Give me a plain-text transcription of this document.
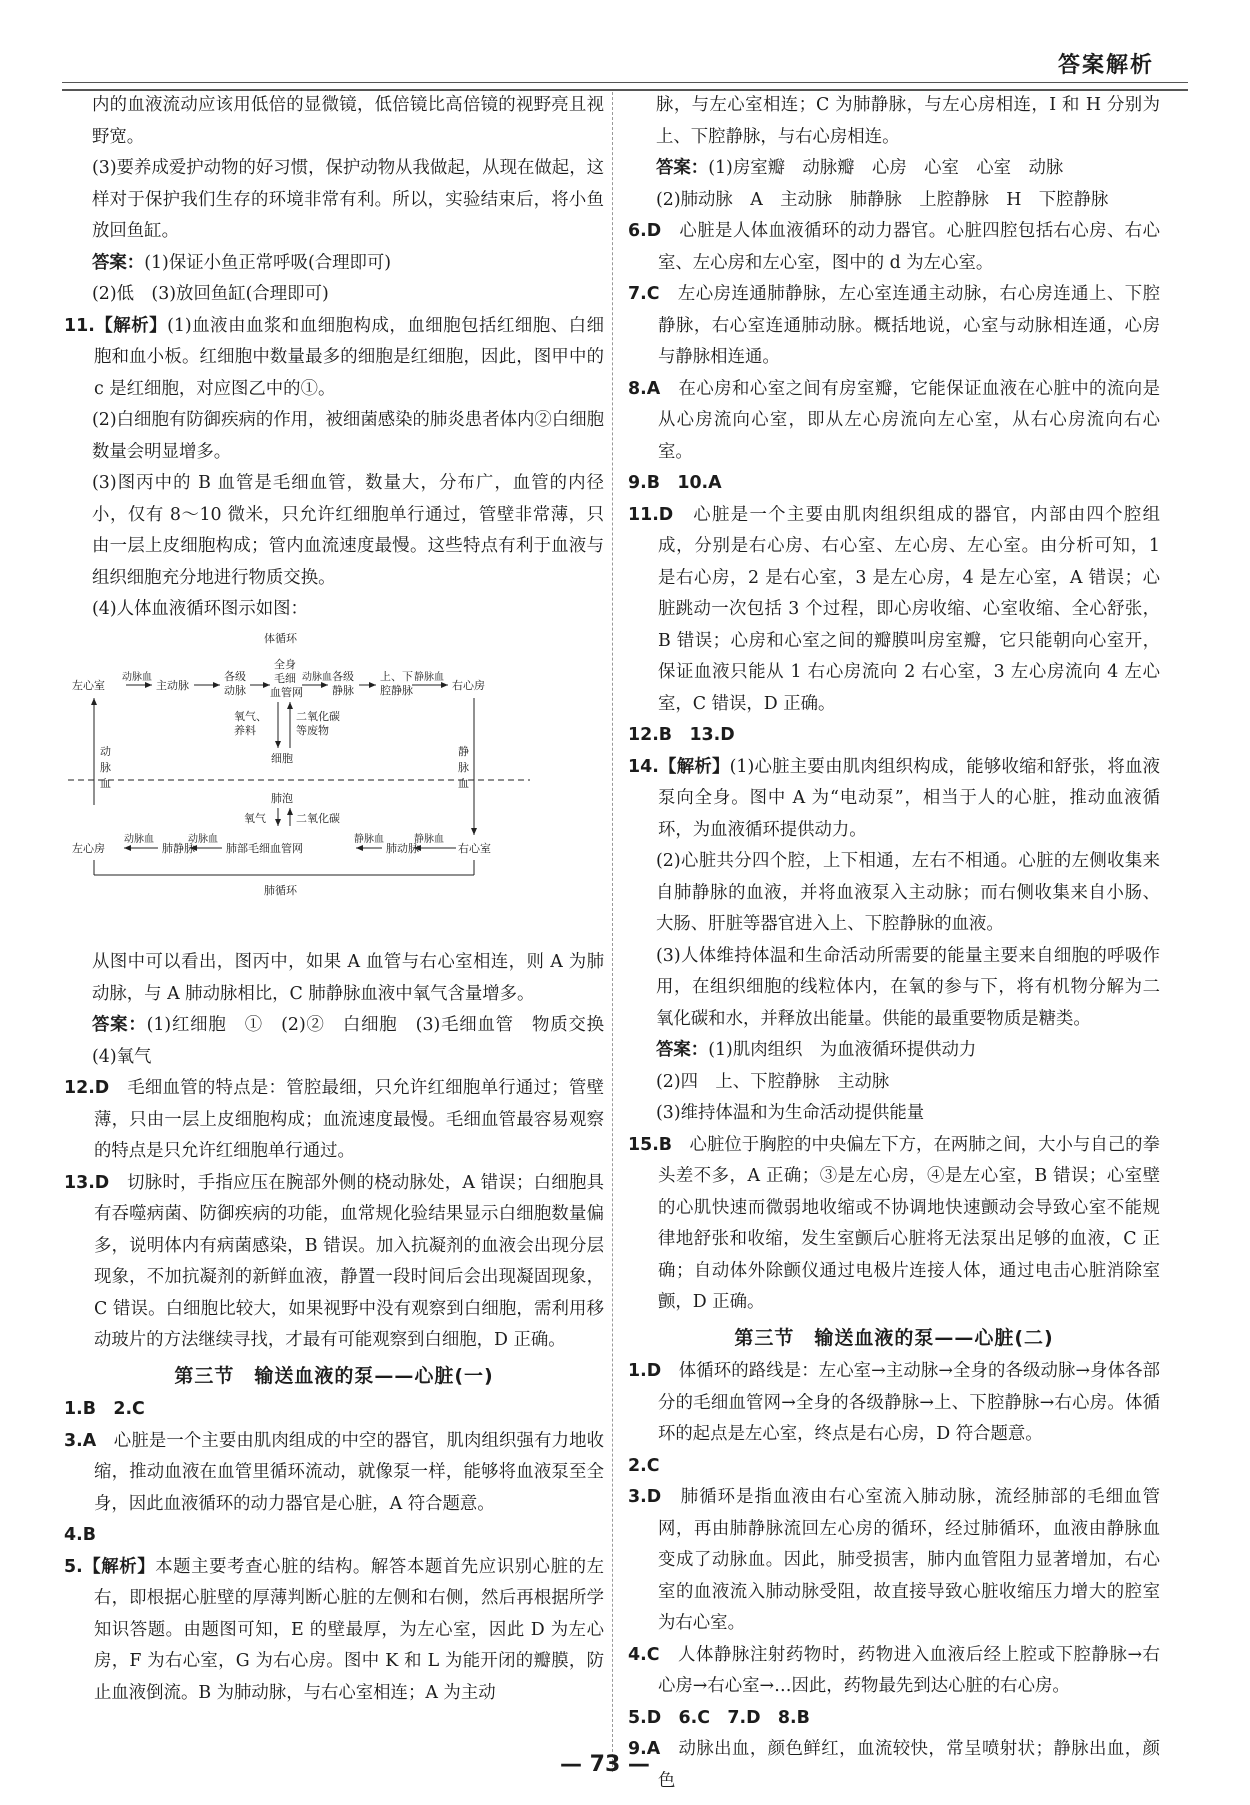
答案解析
内的血液流动应该用低倍的显微镜，低倍镜比高倍镜的视野亮且视野宽。
(3)要养成爱护动物的好习惯，保护动物从我做起，从现在做起，这样对于保护我们生存的环境非常有利。所以，实验结束后，将小鱼放回鱼缸。
答案：(1)保证小鱼正常呼吸(合理即可)
(2)低　(3)放回鱼缸(合理即可)
11.【解析】(1)血液由血浆和血细胞构成，血细胞包括红细胞、白细胞和血小板。红细胞中数量最多的细胞是红细胞，因此，图甲中的 c 是红细胞，对应图乙中的①。
(2)白细胞有防御疾病的作用，被细菌感染的肺炎患者体内②白细胞数量会明显增多。
(3)图丙中的 B 血管是毛细血管，数量大，分布广，血管的内径小，仅有 8～10 微米，只允许红细胞单行通过，管壁非常薄，只由一层上皮细胞构成；管内血流速度最慢。这些特点有利于血液与组织细胞充分地进行物质交换。
(4)人体血液循环图示如图：
体循环
左心室
动脉血
主动脉
各级
动脉
全身
毛细
血管网
动脉血 各级
静脉
上、下
腔静脉
静脉血
右心房
氧气、
养料
二氧化碳
等废物
细胞
动
脉
血
静
脉
血
肺泡
氧气	二氧化碳
左心房
动脉血
肺静脉
动脉血
肺部毛细血管网
静脉血
肺动脉
静脉血
右心室
肺循环
从图中可以看出，图丙中，如果 A 血管与右心室相连，则 A 为肺动脉，与 A 肺动脉相比，C 肺静脉血液中氧气含量增多。
答案：(1)红细胞　①　(2)②　白细胞　(3)毛细血管　物质交换　(4)氧气
12.D　毛细血管的特点是：管腔最细，只允许红细胞单行通过；管壁薄，只由一层上皮细胞构成；血流速度最慢。毛细血管最容易观察的特点是只允许红细胞单行通过。
13.D　切脉时，手指应压在腕部外侧的桡动脉处，A 错误；白细胞具有吞噬病菌、防御疾病的功能，血常规化验结果显示白细胞数量偏多，说明体内有病菌感染，B 错误。加入抗凝剂的血液会出现分层现象，不加抗凝剂的新鲜血液，静置一段时间后会出现凝固现象，C 错误。白细胞比较大，如果视野中没有观察到白细胞，需利用移动玻片的方法继续寻找，才最有可能观察到白细胞，D 正确。
第三节　输送血液的泵——心脏(一)
1.B　2.C
3.A　心脏是一个主要由肌肉组成的中空的器官，肌肉组织强有力地收缩，推动血液在血管里循环流动，就像泵一样，能够将血液泵至全身，因此血液循环的动力器官是心脏，A 符合题意。
4.B
5.【解析】本题主要考查心脏的结构。解答本题首先应识别心脏的左右，即根据心脏壁的厚薄判断心脏的左侧和右侧，然后再根据所学知识答题。由题图可知，E 的壁最厚，为左心室，因此 D 为左心房，F 为右心室，G 为右心房。图中 K 和 L 为能开闭的瓣膜，防止血液倒流。B 为肺动脉，与右心室相连；A 为主动
脉，与左心室相连；C 为肺静脉，与左心房相连，I 和 H 分别为上、下腔静脉，与右心房相连。
答案：(1)房室瓣　动脉瓣　心房　心室　心室　动脉
(2)肺动脉　A　主动脉　肺静脉　上腔静脉　H　下腔静脉
6.D　心脏是人体血液循环的动力器官。心脏四腔包括右心房、右心室、左心房和左心室，图中的 d 为左心室。
7.C　左心房连通肺静脉，左心室连通主动脉，右心房连通上、下腔静脉，右心室连通肺动脉。概括地说，心室与动脉相连通，心房与静脉相连通。
8.A　在心房和心室之间有房室瓣，它能保证血液在心脏中的流向是从心房流向心室，即从左心房流向左心室，从右心房流向右心室。
9.B　10.A
11.D　心脏是一个主要由肌肉组织组成的器官，内部由四个腔组成，分别是右心房、右心室、左心房、左心室。由分析可知，1 是右心房，2 是右心室，3 是左心房，4 是左心室，A 错误；心脏跳动一次包括 3 个过程，即心房收缩、心室收缩、全心舒张，B 错误；心房和心室之间的瓣膜叫房室瓣，它只能朝向心室开，保证血液只能从 1 右心房流向 2 右心室，3 左心房流向 4 左心室，C 错误，D 正确。
12.B　13.D
14.【解析】(1)心脏主要由肌肉组织构成，能够收缩和舒张，将血液泵向全身。图中 A 为“电动泵”，相当于人的心脏，推动血液循环，为血液循环提供动力。
(2)心脏共分四个腔，上下相通，左右不相通。心脏的左侧收集来自肺静脉的血液，并将血液泵入主动脉；而右侧收集来自小肠、大肠、肝脏等器官进入上、下腔静脉的血液。
(3)人体维持体温和生命活动所需要的能量主要来自细胞的呼吸作用，在组织细胞的线粒体内，在氧的参与下，将有机物分解为二氧化碳和水，并释放出能量。供能的最重要物质是糖类。
答案：(1)肌肉组织　为血液循环提供动力
(2)四　上、下腔静脉　主动脉
(3)维持体温和为生命活动提供能量
15.B　心脏位于胸腔的中央偏左下方，在两肺之间，大小与自己的拳头差不多，A 正确；③是左心房，④是左心室，B 错误；心室壁的心肌快速而微弱地收缩或不协调地快速颤动会导致心室不能规律地舒张和收缩，发生室颤后心脏将无法泵出足够的血液，C 正确；自动体外除颤仪通过电极片连接人体，通过电击心脏消除室颤，D 正确。
第三节　输送血液的泵——心脏(二)
1.D　体循环的路线是：左心室→主动脉→全身的各级动脉→身体各部分的毛细血管网→全身的各级静脉→上、下腔静脉→右心房。体循环的起点是左心室，终点是右心房，D 符合题意。
2.C
3.D　肺循环是指血液由右心室流入肺动脉，流经肺部的毛细血管网，再由肺静脉流回左心房的循环，经过肺循环，血液由静脉血变成了动脉血。因此，肺受损害，肺内血管阻力显著增加，右心室的血液流入肺动脉受阻，故直接导致心脏收缩压力增大的腔室为右心室。
4.C　人体静脉注射药物时，药物进入血液后经上腔或下腔静脉→右心房→右心室→…因此，药物最先到达心脏的右心房。
5.D　6.C　7.D　8.B
9.A　动脉出血，颜色鲜红，血流较快，常呈喷射状；静脉出血，颜色
— 73 —
